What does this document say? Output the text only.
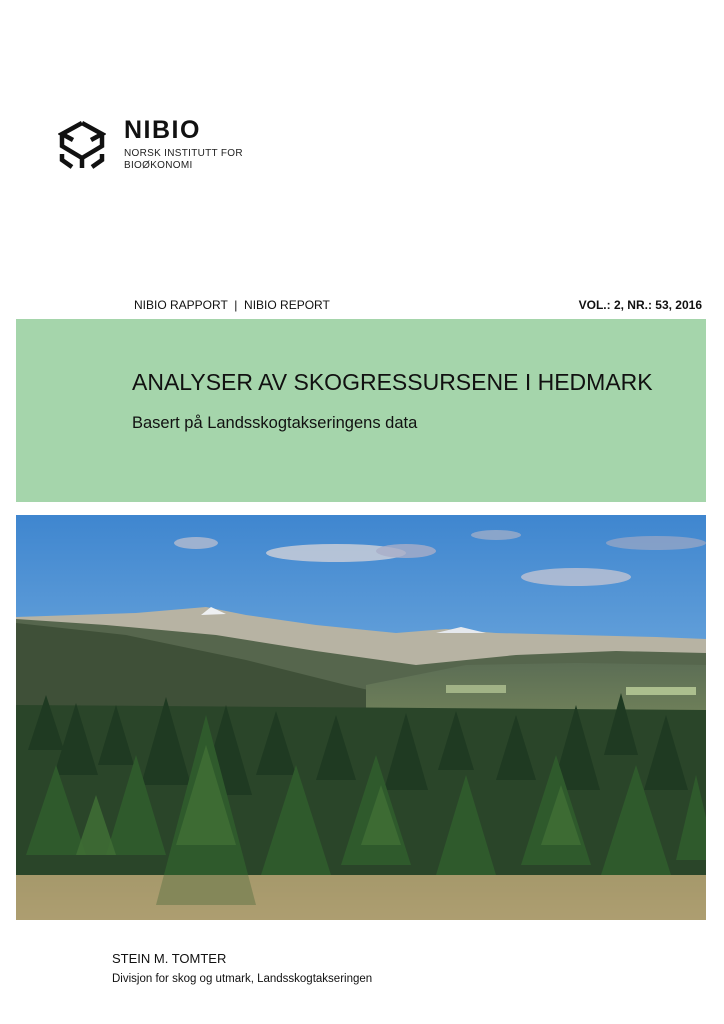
NIBIO
NORSK INSTITUTT FOR
BIOØKONOMI
NIBIO RAPPORT  |  NIBIO REPORT	VOL.: 2, NR.: 53, 2016
ANALYSER AV SKOGRESSURSENE I HEDMARK
Basert på Landsskogtakseringens data
STEIN M. TOMTER
Divisjon for skog og utmark, Landsskogtakseringen
